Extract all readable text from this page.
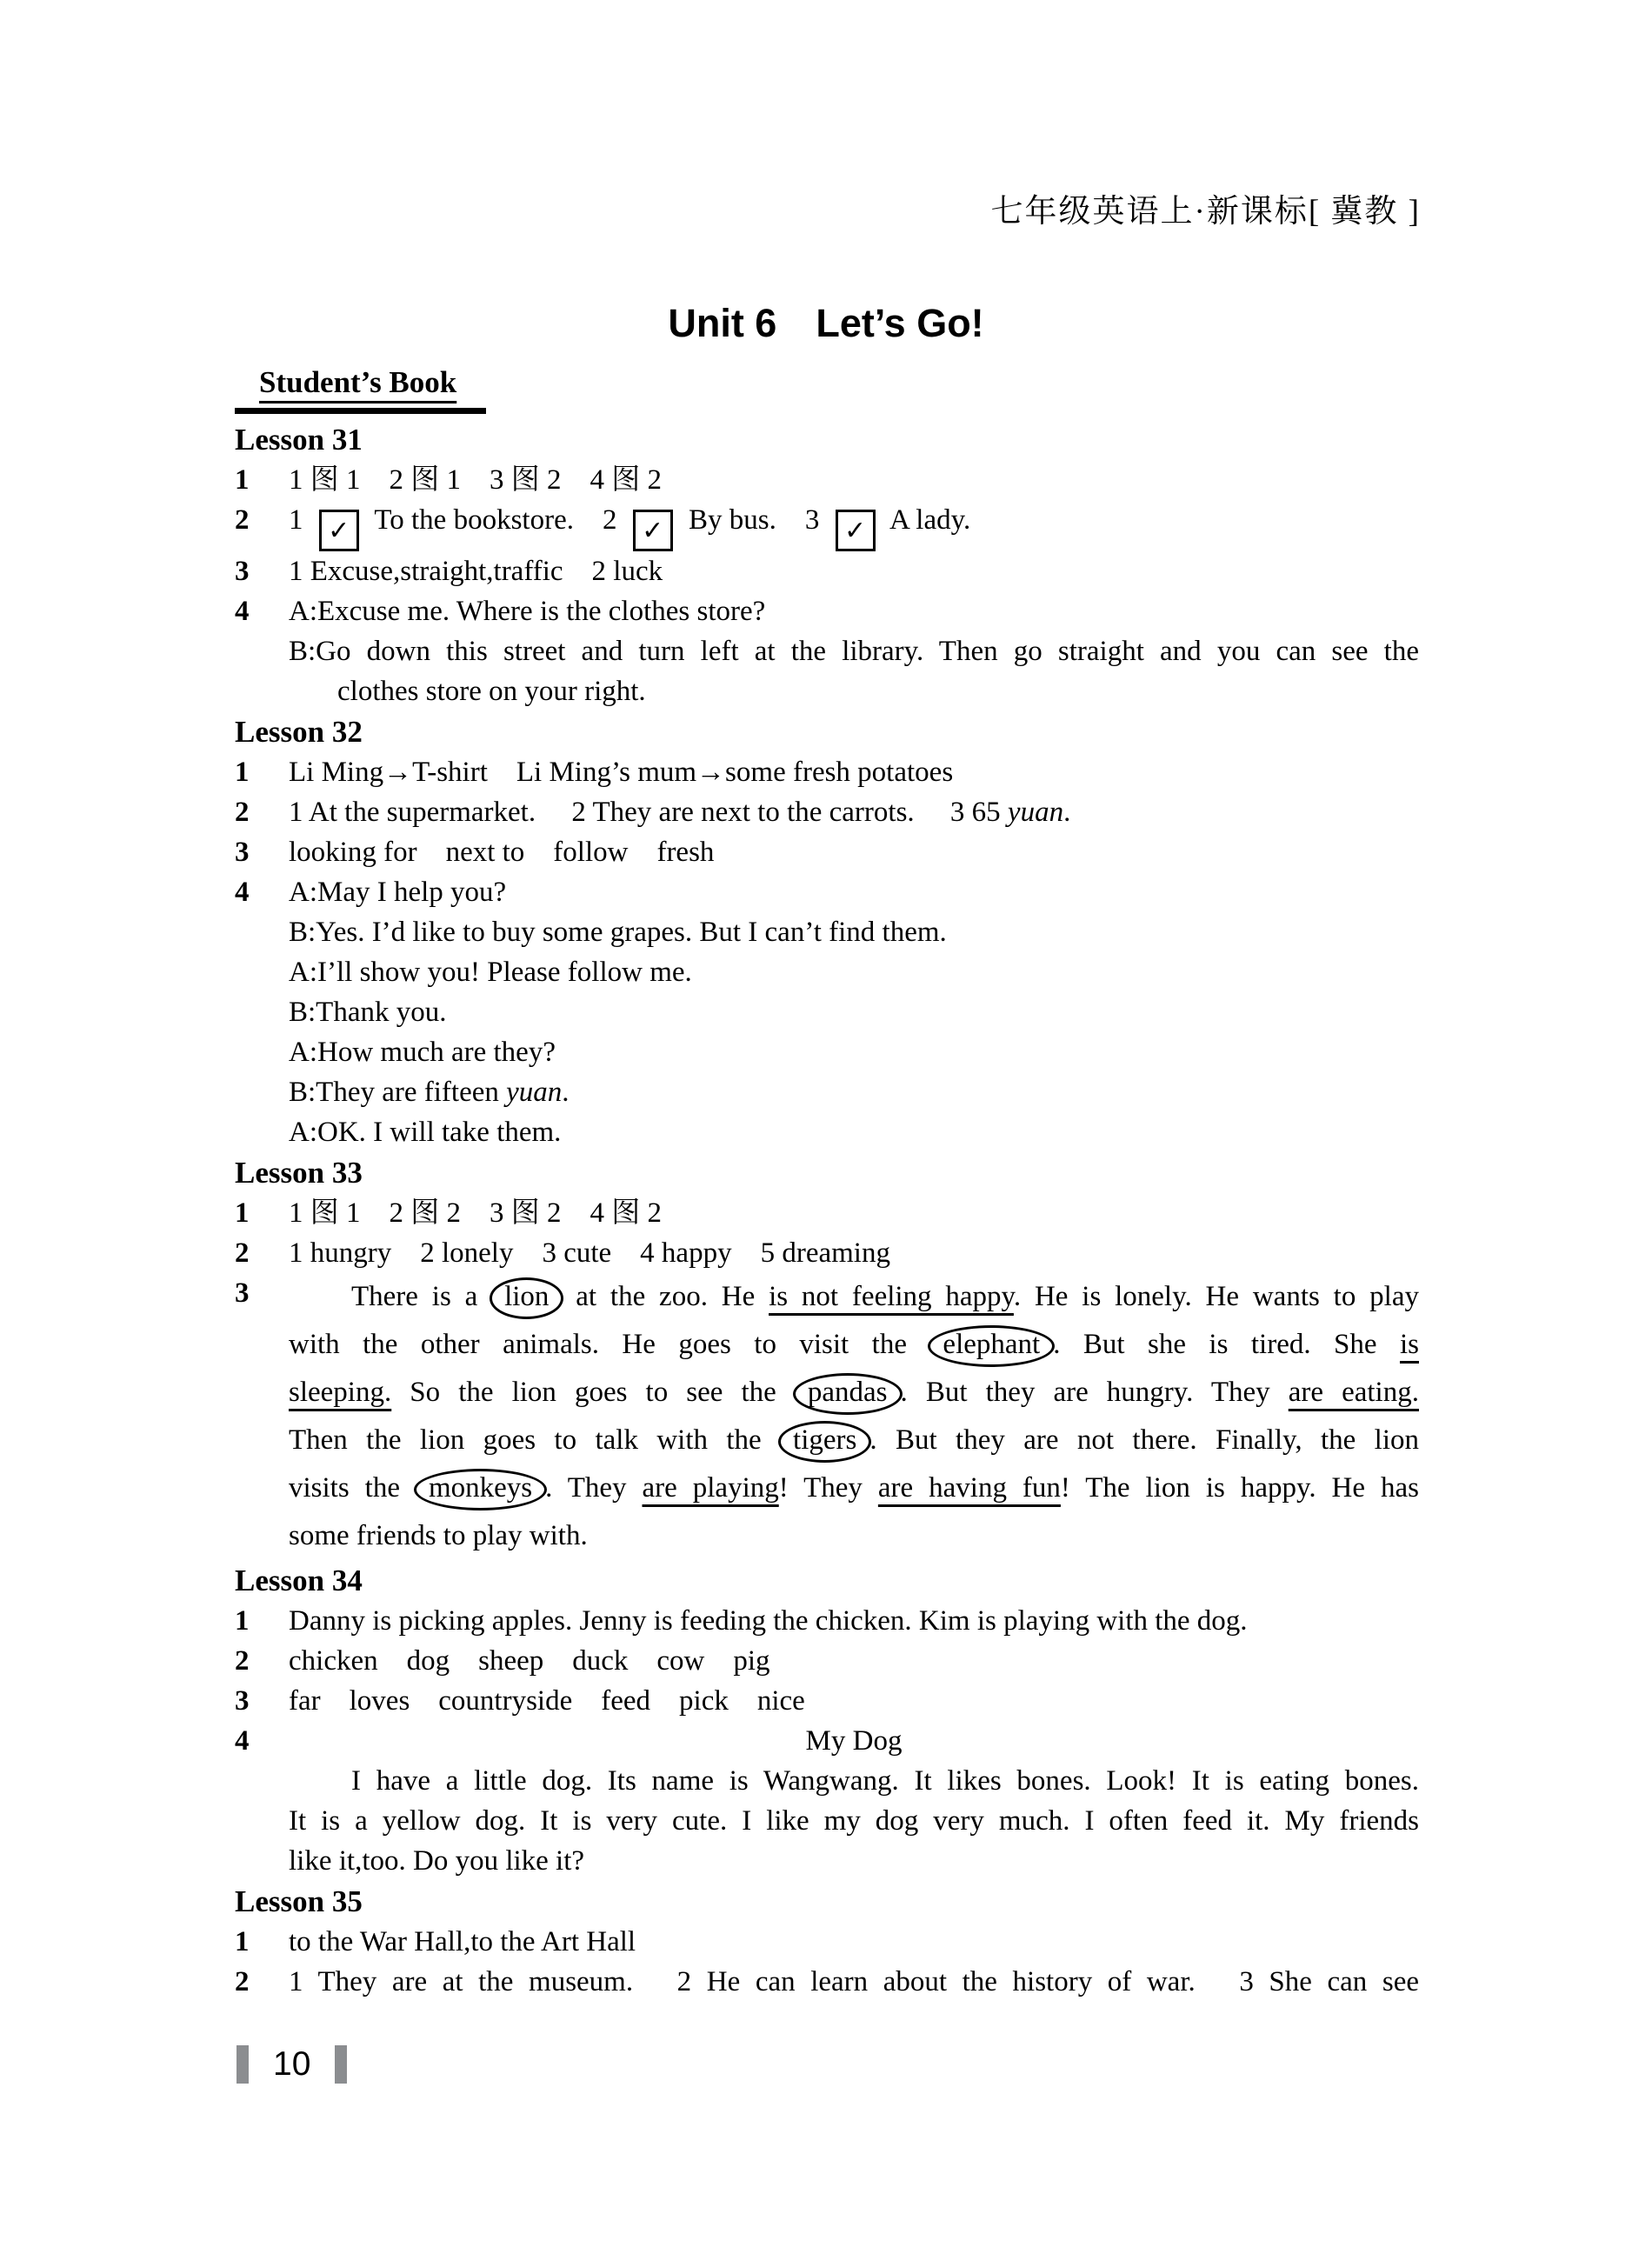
七年级英语上·新课标[ 冀教 ]
Unit 6 Let’s Go!
Student’s Book
Lesson 31
1	1 图 1 2 图 1 3 图 2 4 图 2
2	1 ✓ To the bookstore. 2 ✓ By bus. 3 ✓ A lady.
3	1 Excuse,straight,traffic 2 luck
4	A:Excuse me. Where is the clothes store?
B:Go down this street and turn left at the library. Then go straight and you can see the
clothes store on your right.
Lesson 32
1	Li Ming→T-shirt Li Ming’s mum→some fresh potatoes
2	1 At the supermarket.  2 They are next to the carrots.  3 65 yuan.
3	looking for next to follow fresh
4	A:May I help you?
B:Yes. I’d like to buy some grapes. But I can’t find them.
A:I’ll show you! Please follow me.
B:Thank you.
A:How much are they?
B:They are fifteen yuan.
A:OK. I will take them.
Lesson 33
1	1 图 1 2 图 2 3 图 2 4 图 2
2	1 hungry 2 lonely 3 cute 4 happy 5 dreaming
3	There is a lion at the zoo. He is not feeling happy. He is lonely. He wants to play
with the other animals. He goes to visit the elephant . But she is tired. She is
sleeping. So the lion goes to see the pandas . But they are hungry. They are eating.
Then the lion goes to talk with the tigers . But they are not there. Finally, the lion
visits the monkeys . They are playing! They are having fun! The lion is happy. He has
some friends to play with.
Lesson 34
1	Danny is picking apples. Jenny is feeding the chicken. Kim is playing with the dog.
2	chicken dog sheep duck cow pig
3	far loves countryside feed pick nice
4	My Dog
I have a little dog. Its name is Wangwang. It likes bones. Look! It is eating bones.
It is a yellow dog. It is very cute. I like my dog very much. I often feed it. My friends
like it,too. Do you like it?
Lesson 35
1	to the War Hall,to the Art Hall
2	1 They are at the museum.  2 He can learn about the history of war.  3 She can see
10
